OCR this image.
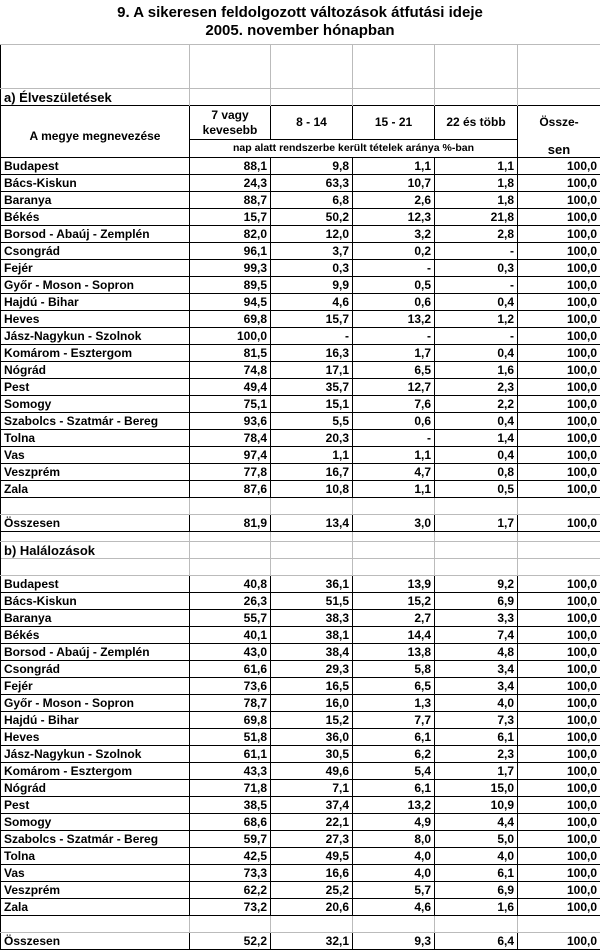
9. A sikeresen feldolgozott változások átfutási ideje
2005. november hónapban

a) Élveszületések					
A megye megnevezése	7 vagy kevesebb	8 - 14	15 - 21	22 és több	Össze-
	nap alatt rendszerbe került tételek aránya %-ban				sen
Budapest	88,1	9,8	1,1	1,1	100,0
Bács-Kiskun	24,3	63,3	10,7	1,8	100,0
Baranya	88,7	6,8	2,6	1,8	100,0
Békés	15,7	50,2	12,3	21,8	100,0
Borsod - Abaúj - Zemplén	82,0	12,0	3,2	2,8	100,0
Csongrád	96,1	3,7	0,2	-	100,0
Fejér	99,3	0,3	-	0,3	100,0
Győr - Moson - Sopron	89,5	9,9	0,5	-	100,0
Hajdú - Bihar	94,5	4,6	0,6	0,4	100,0
Heves	69,8	15,7	13,2	1,2	100,0
Jász-Nagykun - Szolnok	100,0	-	-	-	100,0
Komárom - Esztergom	81,5	16,3	1,7	0,4	100,0
Nógrád	74,8	17,1	6,5	1,6	100,0
Pest	49,4	35,7	12,7	2,3	100,0
Somogy	75,1	15,1	7,6	2,2	100,0
Szabolcs - Szatmár - Bereg	93,6	5,5	0,6	0,4	100,0
Tolna	78,4	20,3	-	1,4	100,0
Vas	97,4	1,1	1,1	0,4	100,0
Veszprém	77,8	16,7	4,7	0,8	100,0
Zala	87,6	10,8	1,1	0,5	100,0

Összesen	81,9	13,4	3,0	1,7	100,0

b) Halálozások					

Budapest	40,8	36,1	13,9	9,2	100,0
Bács-Kiskun	26,3	51,5	15,2	6,9	100,0
Baranya	55,7	38,3	2,7	3,3	100,0
Békés	40,1	38,1	14,4	7,4	100,0
Borsod - Abaúj - Zemplén	43,0	38,4	13,8	4,8	100,0
Csongrád	61,6	29,3	5,8	3,4	100,0
Fejér	73,6	16,5	6,5	3,4	100,0
Győr - Moson - Sopron	78,7	16,0	1,3	4,0	100,0
Hajdú - Bihar	69,8	15,2	7,7	7,3	100,0
Heves	51,8	36,0	6,1	6,1	100,0
Jász-Nagykun - Szolnok	61,1	30,5	6,2	2,3	100,0
Komárom - Esztergom	43,3	49,6	5,4	1,7	100,0
Nógrád	71,8	7,1	6,1	15,0	100,0
Pest	38,5	37,4	13,2	10,9	100,0
Somogy	68,6	22,1	4,9	4,4	100,0
Szabolcs - Szatmár - Bereg	59,7	27,3	8,0	5,0	100,0
Tolna	42,5	49,5	4,0	4,0	100,0
Vas	73,3	16,6	4,0	6,1	100,0
Veszprém	62,2	25,2	5,7	6,9	100,0
Zala	73,2	20,6	4,6	1,6	100,0

Összesen	52,2	32,1	9,3	6,4	100,0
